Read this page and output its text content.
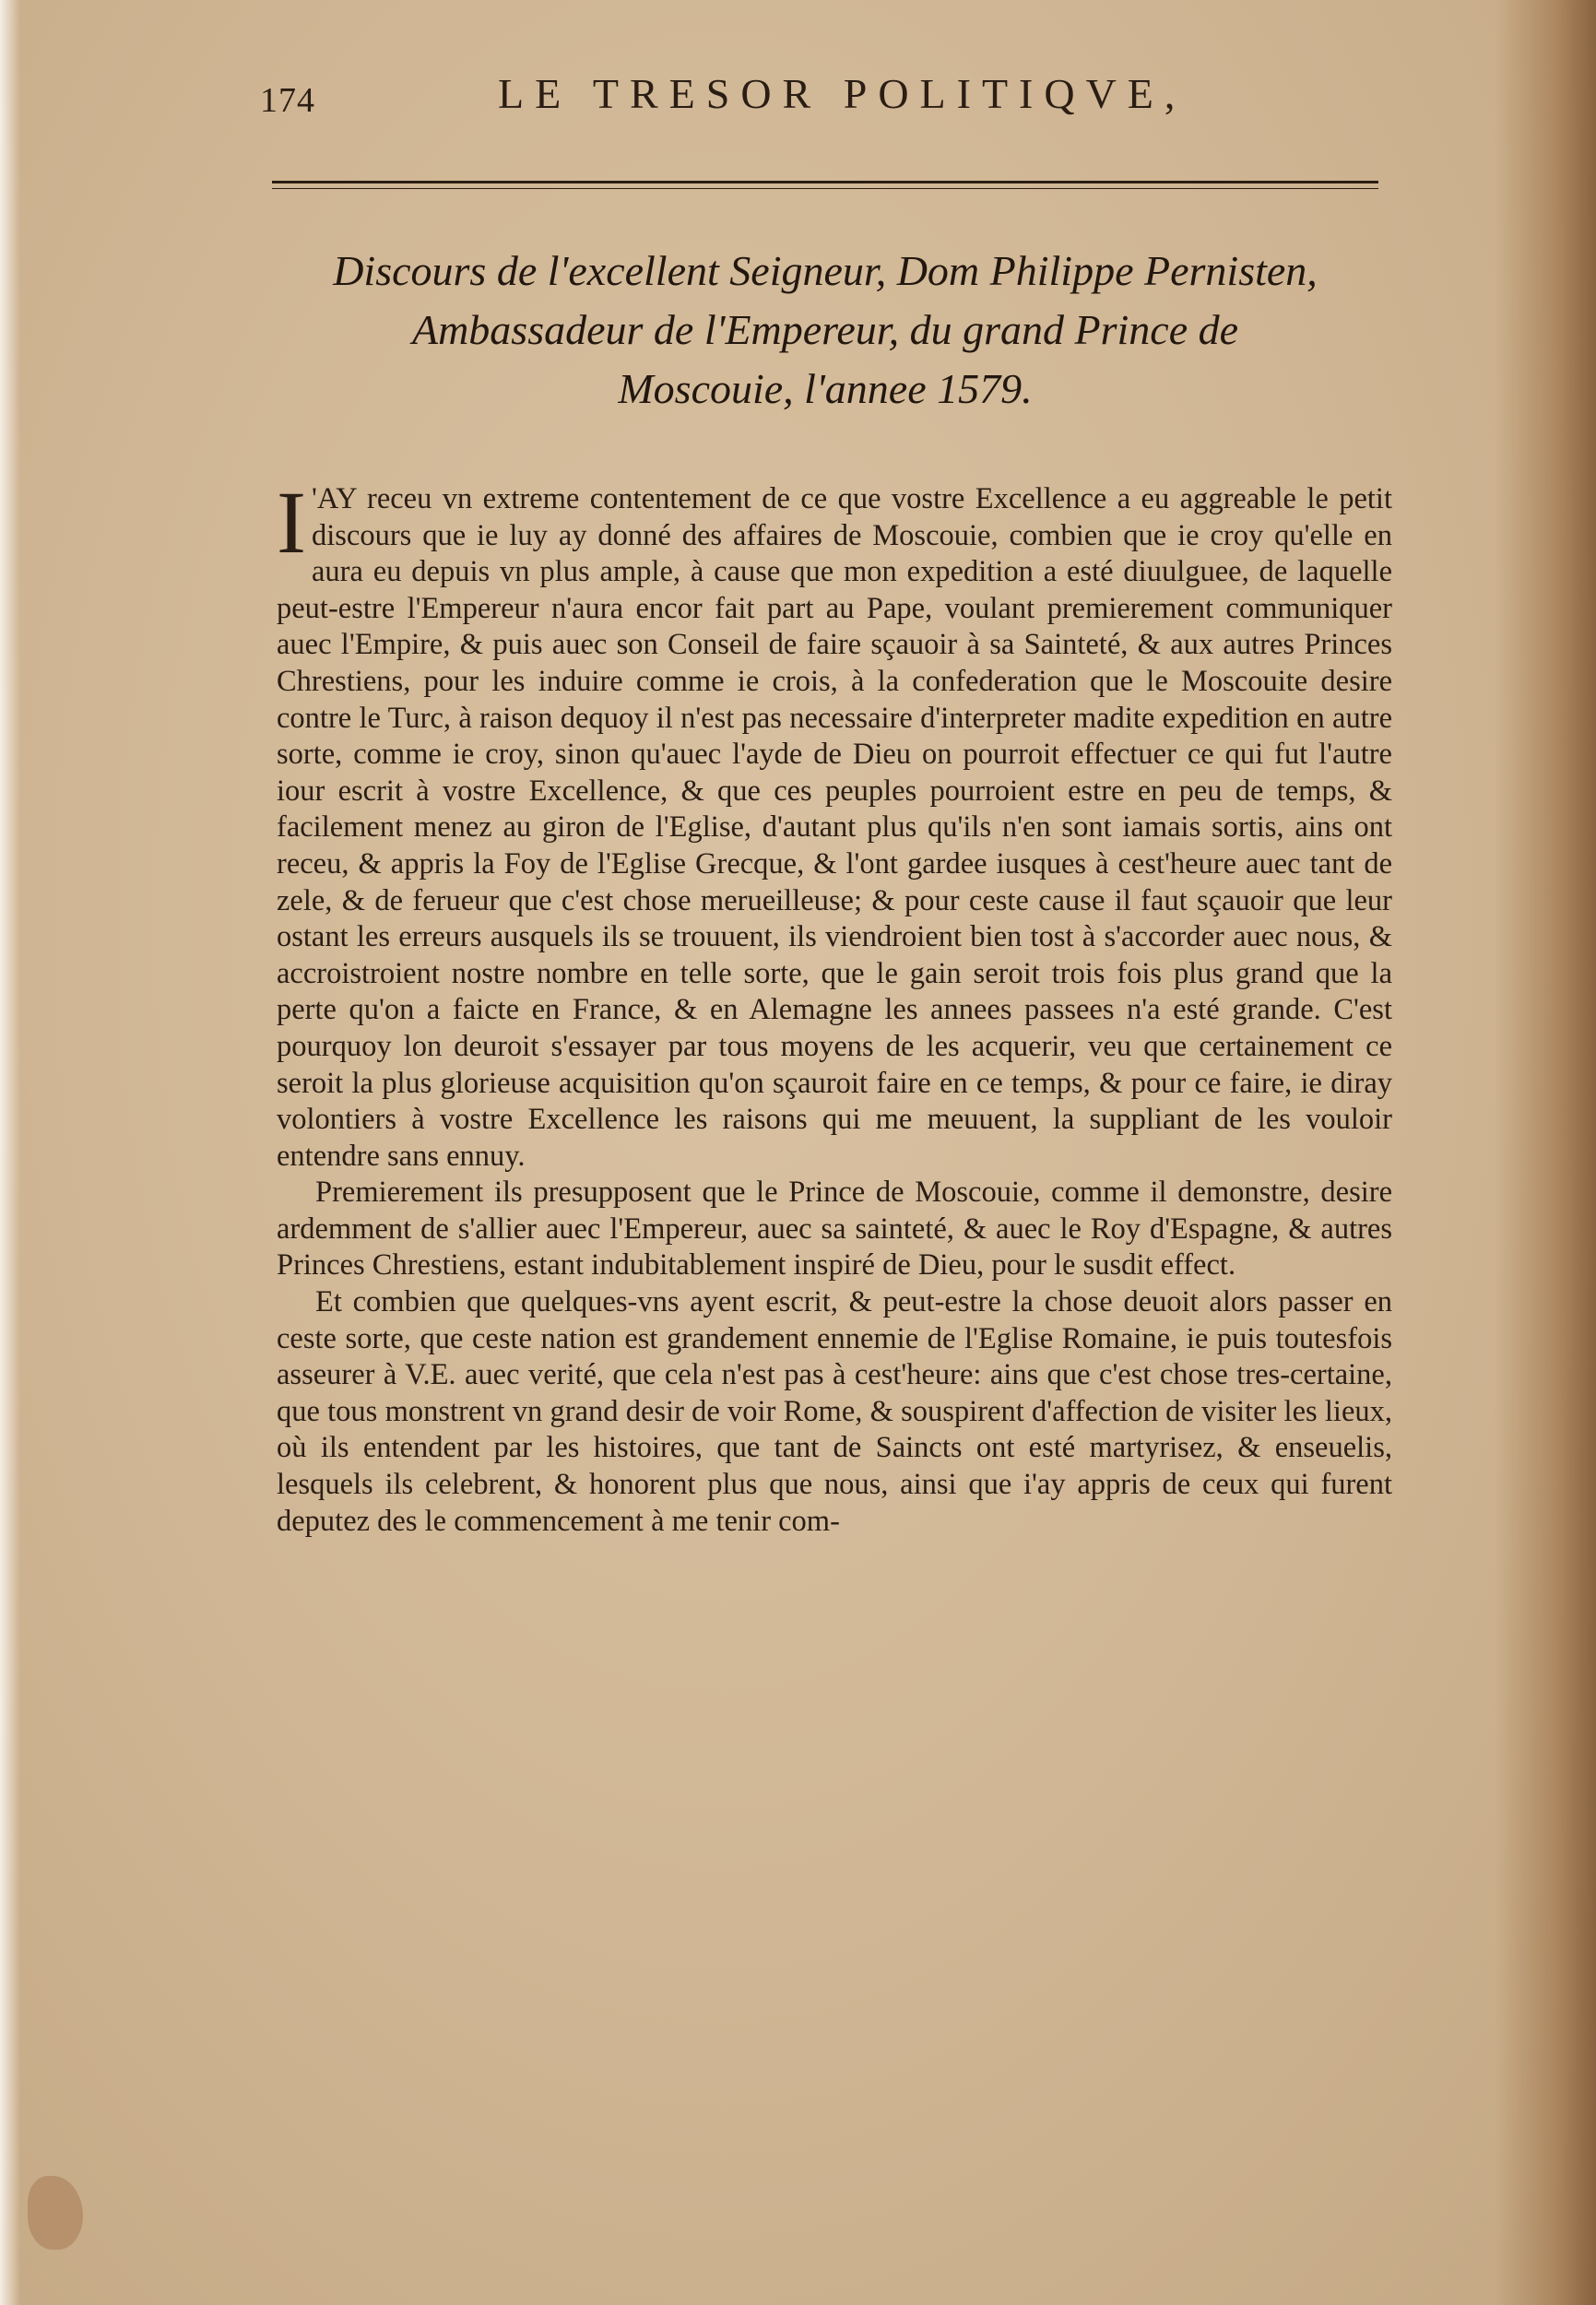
174	LE TRESOR POLITIQVE,
Discours de l'excellent Seigneur, Dom Philippe Pernisten,
Ambassadeur de l'Empereur, du grand Prince de
Moscouie, l'annee 1579.

I 'AY receu vn extreme contentement de ce que vostre Excellence a eu aggreable le petit discours que ie luy ay donné des affaires de Moscouie, combien que ie croy qu'elle en aura eu depuis vn plus ample, à cause que mon expedition a esté diuulguee, de laquelle peut-estre l'Empereur n'aura encor fait part au Pape, voulant premierement communiquer auec l'Empire, & puis auec son Conseil de faire sçauoir à sa Sainteté, & aux autres Princes Chrestiens, pour les induire comme ie crois, à la confederation que le Moscouite desire contre le Turc, à raison dequoy il n'est pas necessaire d'interpreter madite expedition en autre sorte, comme ie croy, sinon qu'auec l'ayde de Dieu on pourroit effectuer ce qui fut l'autre iour escrit à vostre Excellence, & que ces peuples pourroient estre en peu de temps, & facilement menez au giron de l'Eglise, d'autant plus qu'ils n'en sont iamais sortis, ains ont receu, & appris la Foy de l'Eglise Grecque, & l'ont gardee iusques à cest'heure auec tant de zele, & de ferueur que c'est chose merueilleuse; & pour ceste cause il faut sçauoir que leur ostant les erreurs ausquels ils se trouuent, ils viendroient bien tost à s'accorder auec nous, & accroistroient nostre nombre en telle sorte, que le gain seroit trois fois plus grand que la perte qu'on a faicte en France, & en Alemagne les annees passees n'a esté grande. C'est pourquoy lon deuroit s'essayer par tous moyens de les acquerir, veu que certainement ce seroit la plus glorieuse acquisition qu'on sçauroit faire en ce temps, & pour ce faire, ie diray volontiers à vostre Excellence les raisons qui me meuuent, la suppliant de les vouloir entendre sans ennuy.

Premierement ils presupposent que le Prince de Moscouie, comme il demonstre, desire ardemment de s'allier auec l'Empereur, auec sa sainteté, & auec le Roy d'Espagne, & autres Princes Chrestiens, estant indubitablement inspiré de Dieu, pour le susdit effect.

Et combien que quelques-vns ayent escrit, & peut-estre la chose deuoit alors passer en ceste sorte, que ceste nation est grandement ennemie de l'Eglise Romaine, ie puis toutesfois asseurer à V.E. auec verité, que cela n'est pas à cest'heure: ains que c'est chose tres-certaine, que tous monstrent vn grand desir de voir Rome, & souspirent d'affection de visiter les lieux, où ils entendent par les histoires, que tant de Saincts ont esté martyrisez, & enseuelis, lesquels ils celebrent, & honorent plus que nous, ainsi que i'ay appris de ceux qui furent deputez des le commencement à me tenir com-
